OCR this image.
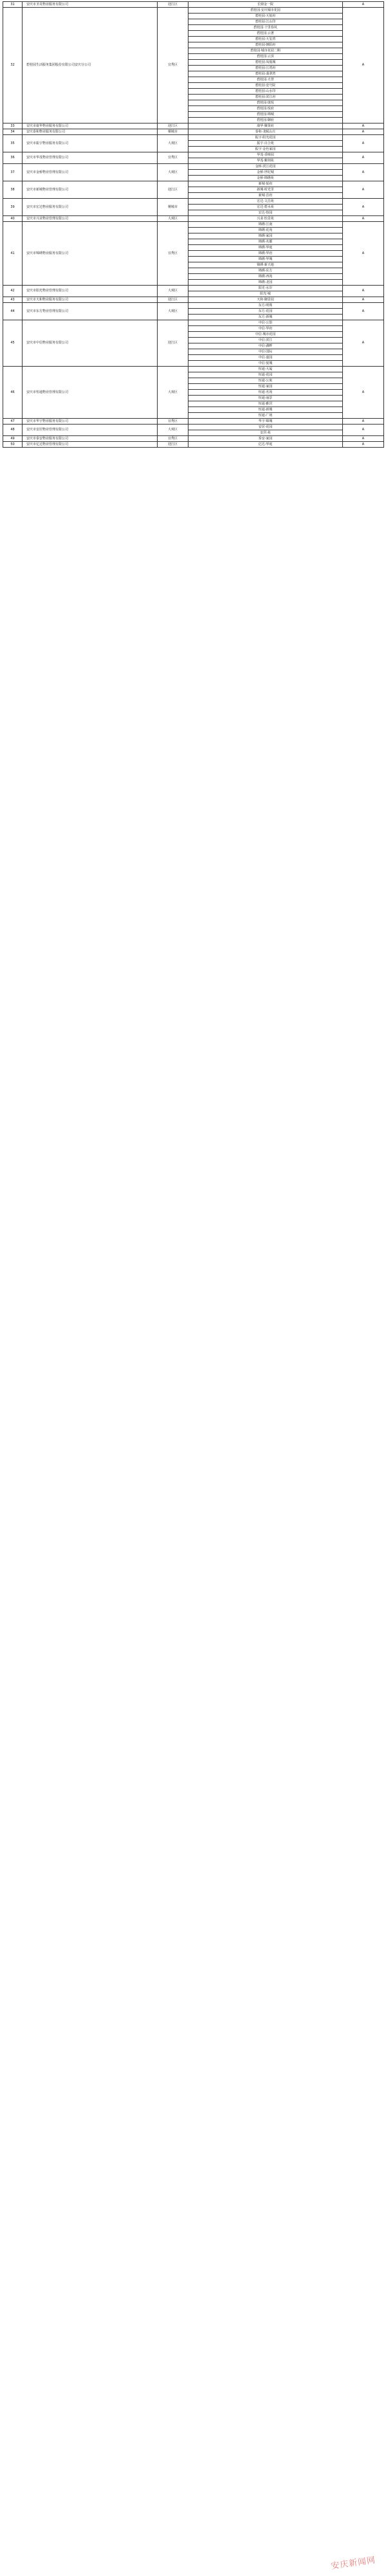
31	安庆市圣昊物业服务有限公司	迎江区	长鼎金一院	A
32	碧桂园生活服务集团股份有限公司安庆分公司	宜秀区	碧桂园·安庆城市花园	A
			碧桂园·天悦府	
			碧桂园·江山印	
			碧桂园·十里春风	
			碧桂园·云著	
			碧桂园·天玺湾	
			碧桂园·朝阳府	
			碧桂园·城市花园二期	
			碧桂园·云顶	
			碧桂园·凤凰城	
			碧桂园·江湾府	
			碧桂园·翡翠湾	
			碧桂园·天誉	
			碧桂园·壹号院	
			碧桂园·山水印	
			碧桂园·滨江府	
			碧桂园·珑悦	
			碧桂园·悦府	
			碧桂园·锦城	
			碧桂园·御府	
33	安庆市康华物业服务有限公司	迎江区	康华·聚贤府	A
34	安庆泰和物业服务有限公司	桐城市	泰和·龙眠山庄	A
35	安庆市振宇物业服务有限公司	大观区	振宇·阳光花园	A
			振宇·百合苑	
			振宇·金色家园	
36	安庆市华茂物业管理有限公司	宜秀区	华茂·香樟园	A
			华茂·紫荆苑	
37	安庆市金桥物业管理有限公司	大观区	金桥·滨江花园	A
			金桥·世纪城	
			金桥·锦绣苑	
38	安庆市新城物业管理有限公司	迎江区	新城·悦府	A
			新城·时光里	
			新城·首府	
39	安庆市宏达物业服务有限公司	桐城市	宏达·文昌苑	A
			宏达·碧水苑	
			宏达·怡园	
40	安庆市兴业物业管理有限公司	大观区	兴业·怡景苑	A
41	安庆市锦绣物业服务有限公司	宜秀区	锦绣·江南	A
			锦绣·花苑	
			锦绣·家园	
			锦绣·名都	
			锦绣·华庭	
			锦绣·华府	
			锦绣·华城	
			锦绣·新天地	
			锦绣·东方	
			锦绣·西苑	
			锦绣·北园	
42	安庆市阳光物业管理有限公司	大观区	阳光·水岸	A
			阳光·城	
43	安庆市天和物业服务有限公司	迎江区	天和·御景园	A
44	安庆市东方物业管理有限公司	大观区	东方·明珠	A
			东方·花园	
			东方·新城	
45	安庆市中信物业服务有限公司	迎江区	中信·公馆	A
			中信·华府	
			中信·城市花园	
			中信·滨江	
			中信·湖畔	
			中信·国际	
			中信·嘉园	
			中信·悦城	
46	安庆市恒通物业管理有限公司	大观区	恒通·大厦	A
			恒通·花园	
			恒通·公寓	
			恒通·家园	
			恒通·名苑	
			恒通·丽景	
			恒通·雅居	
			恒通·新城	
			恒通·广场	
47	安庆市华宇物业服务有限公司	宜秀区	华宇·锦城	A
48	安庆市安居物业管理有限公司	大观区	安居·花园	A
			安居·苑	
49	安庆市泰安物业服务有限公司	宜秀区	泰安·家园	A
50	安庆市亿达物业管理有限公司	迎江区	亿达·华庭	A
安庆新闻网
